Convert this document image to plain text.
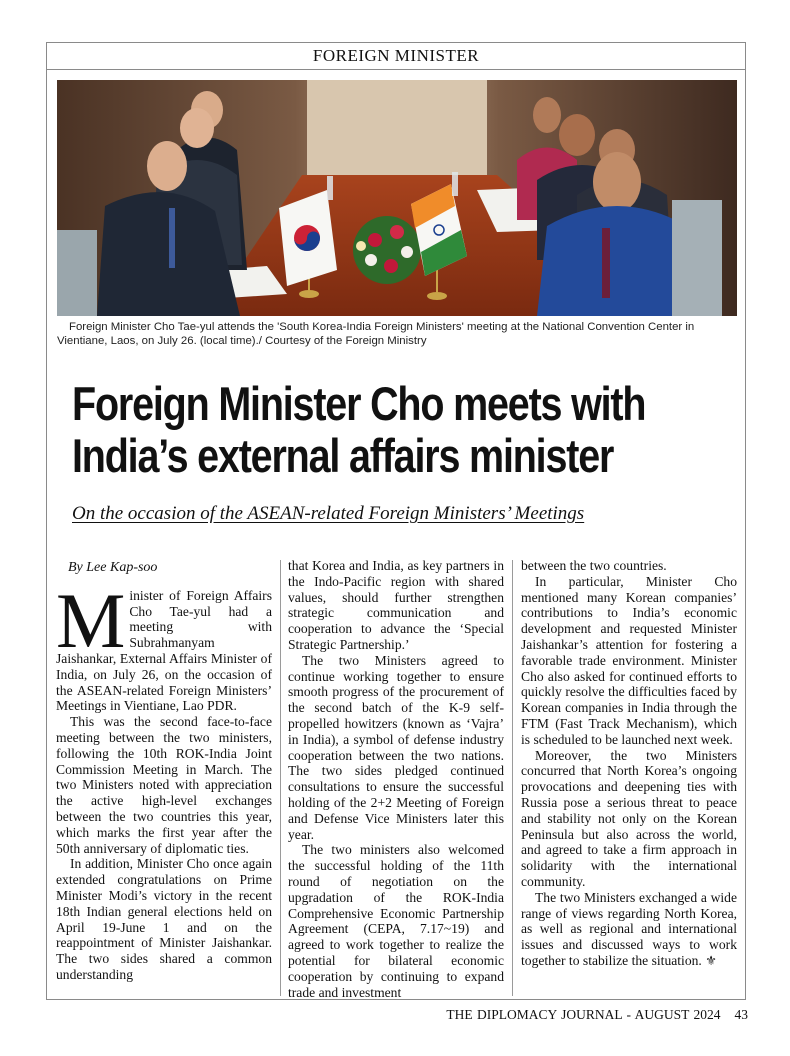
FOREIGN MINISTER
Foreign Minister Cho Tae-yul attends the 'South Korea-India Foreign Ministers' meeting at the National Convention Center in Vientiane, Laos, on July 26. (local time)./ Courtesy of the Foreign Ministry
Foreign Minister Cho meets with
India’s external affairs minister
On the occasion of the ASEAN-related Foreign Ministers’ Meetings
By Lee Kap-soo

Minister of Foreign Affairs Cho Tae-yul had a meeting with Subrahmanyam Jaishankar, External Affairs Minister of India, on July 26, on the occasion of the ASEAN-related Foreign Ministers’ Meetings in Vientiane, Lao PDR.

This was the second face-to-face meeting between the two ministers, following the 10th ROK-India Joint Commission Meeting in March. The two Ministers noted with appreciation the active high-level exchanges between the two countries this year, which marks the first year after the 50th anniversary of diplomatic ties.

In addition, Minister Cho once again extended congratulations on Prime Minister Modi’s victory in the recent 18th Indian general elections held on April 19-June 1 and on the reappointment of Minister Jaishankar. The two sides shared a common understanding

that Korea and India, as key partners in the Indo-Pacific region with shared values, should further strengthen strategic communication and cooperation to advance the ‘Special Strategic Partnership.’

The two Ministers agreed to continue working together to ensure smooth progress of the procurement of the second batch of the K-9 self-propelled howitzers (known as ‘Vajra’ in India), a symbol of defense industry cooperation between the two nations. The two sides pledged continued consultations to ensure the successful holding of the 2+2 Meeting of Foreign and Defense Vice Ministers later this year.

The two ministers also welcomed the successful holding of the 11th round of negotiation on the upgradation of the ROK-India Comprehensive Economic Partnership Agreement (CEPA, 7.17~19) and agreed to work together to realize the potential for bilateral economic cooperation by continuing to expand trade and investment

between the two countries.

In particular, Minister Cho mentioned many Korean companies’ contributions to India’s economic development and requested Minister Jaishankar’s attention for fostering a favorable trade environment. Minister Cho also asked for continued efforts to quickly resolve the difficulties faced by Korean companies in India through the FTM (Fast Track Mechanism), which is scheduled to be launched next week.

Moreover, the two Ministers concurred that North Korea’s ongoing provocations and deepening ties with Russia pose a serious threat to peace and stability not only on the Korean Peninsula but also across the world, and agreed to take a firm approach in solidarity with the international community.

The two Ministers exchanged a wide range of views regarding North Korea, as well as regional and international issues and discussed ways to work together to stabilize the situation. ⚜

THE DIPLOMACY JOURNAL - AUGUST 2024 43
